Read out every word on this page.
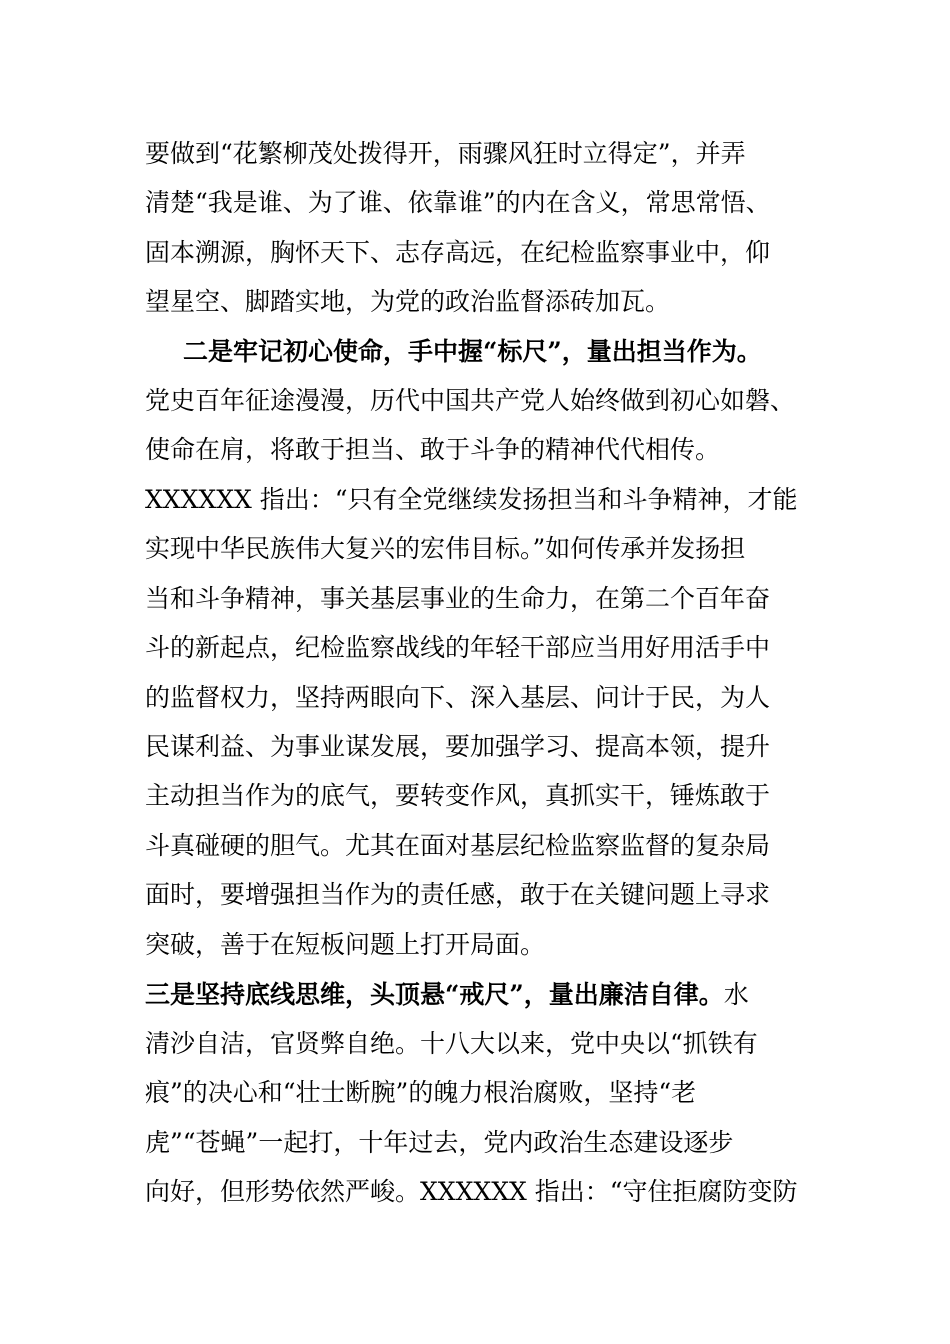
要做到“花繁柳茂处拨得开，雨骤风狂时立得定”，并弄
清楚“我是谁、为了谁、依靠谁”的内在含义，常思常悟、
固本溯源，胸怀天下、志存高远，在纪检监察事业中，仰
望星空、脚踏实地，为党的政治监督添砖加瓦。
二是牢记初心使命，手中握“标尺”，量出担当作为。
党史百年征途漫漫，历代中国共产党人始终做到初心如磐、
使命在肩，将敢于担当、敢于斗争的精神代代相传。
XXXXXX 指出：“只有全党继续发扬担当和斗争精神，才能
实现中华民族伟大复兴的宏伟目标。”如何传承并发扬担
当和斗争精神，事关基层事业的生命力，在第二个百年奋
斗的新起点，纪检监察战线的年轻干部应当用好用活手中
的监督权力，坚持两眼向下、深入基层、问计于民，为人
民谋利益、为事业谋发展，要加强学习、提高本领，提升
主动担当作为的底气，要转变作风，真抓实干，锤炼敢于
斗真碰硬的胆气。尤其在面对基层纪检监察监督的复杂局
面时，要增强担当作为的责任感，敢于在关键问题上寻求
突破，善于在短板问题上打开局面。
三是坚持底线思维，头顶悬“戒尺”，量出廉洁自律。水
清沙自洁，官贤弊自绝。十八大以来，党中央以“抓铁有
痕”的决心和“壮士断腕”的魄力根治腐败，坚持“老
虎”“苍蝇”一起打，十年过去，党内政治生态建设逐步
向好，但形势依然严峻。XXXXXX 指出：“守住拒腐防变防
